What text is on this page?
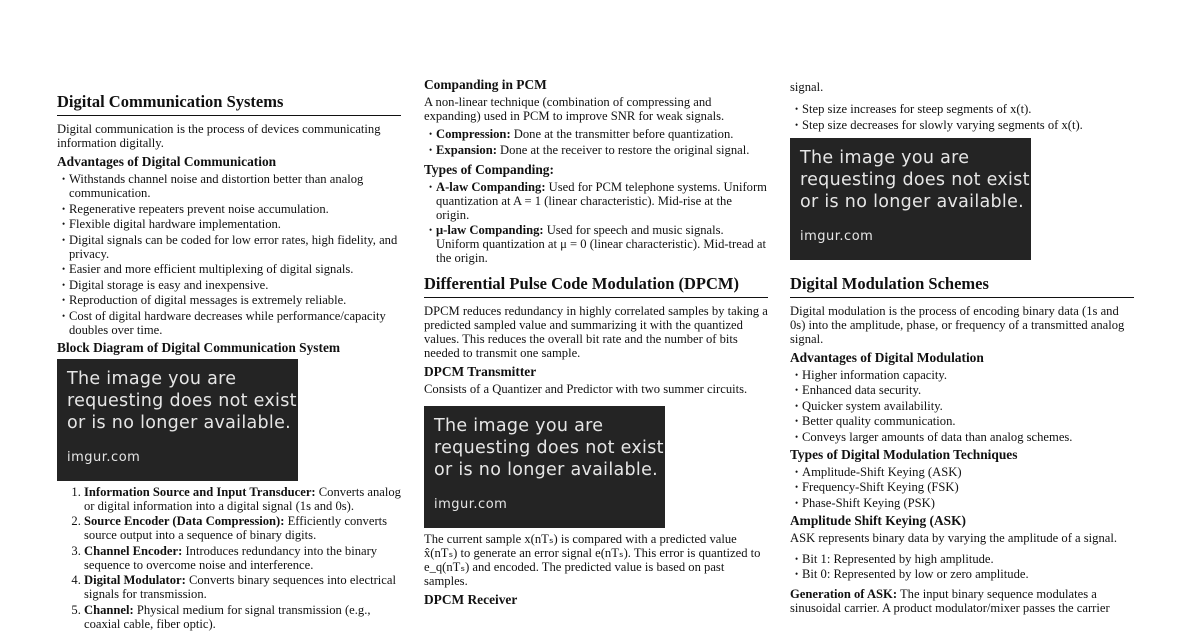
Digital Communication Systems

Digital communication is the process of devices communicating information digitally.

Advantages of Digital Communication
• Withstands channel noise and distortion better than analog communication.
• Regenerative repeaters prevent noise accumulation.
• Flexible digital hardware implementation.
• Digital signals can be coded for low error rates, high fidelity, and privacy.
• Easier and more efficient multiplexing of digital signals.
• Digital storage is easy and inexpensive.
• Reproduction of digital messages is extremely reliable.
• Cost of digital hardware decreases while performance/capacity doubles over time.
Block Diagram of Digital Communication System
The image you are
requesting does not exist
or is no longer available.
imgur.com
1. Information Source and Input Transducer: Converts analog or digital information into a digital signal (1s and 0s).
2. Source Encoder (Data Compression): Efficiently converts source output into a sequence of binary digits.
3. Channel Encoder: Introduces redundancy into the binary sequence to overcome noise and interference.
4. Digital Modulator: Converts binary sequences into electrical signals for transmission.
5. Channel: Physical medium for signal transmission (e.g., coaxial cable, fiber optic).
Companding in PCM

A non-linear technique (combination of compressing and expanding) used in PCM to improve SNR for weak signals.

• Compression: Done at the transmitter before quantization.
• Expansion: Done at the receiver to restore the original signal.
Types of Companding:
• A-law Companding: Used for PCM telephone systems. Uniform quantization at A = 1 (linear characteristic). Mid-rise at the origin.
• μ-law Companding: Used for speech and music signals. Uniform quantization at μ = 0 (linear characteristic). Mid-tread at the origin.
Differential Pulse Code Modulation (DPCM)

DPCM reduces redundancy in highly correlated samples by taking a predicted sampled value and summarizing it with the quantized values. This reduces the overall bit rate and the number of bits needed to transmit one sample.

DPCM Transmitter

Consists of a Quantizer and Predictor with two summer circuits.

The image you are
requesting does not exist
or is no longer available.
imgur.com

The current sample x(nTₛ) is compared with a predicted value x̂(nTₛ) to generate an error signal e(nTₛ). This error is quantized to e_q(nTₛ) and encoded. The predicted value is based on past samples.

DPCM Receiver

signal.

• Step size increases for steep segments of x(t).
• Step size decreases for slowly varying segments of x(t).
The image you are
requesting does not exist
or is no longer available.
imgur.com
Digital Modulation Schemes

Digital modulation is the process of encoding binary data (1s and 0s) into the amplitude, phase, or frequency of a transmitted analog signal.

Advantages of Digital Modulation
• Higher information capacity.
• Enhanced data security.
• Quicker system availability.
• Better quality communication.
• Conveys larger amounts of data than analog schemes.
Types of Digital Modulation Techniques
• Amplitude-Shift Keying (ASK)
• Frequency-Shift Keying (FSK)
• Phase-Shift Keying (PSK)
Amplitude Shift Keying (ASK)

ASK represents binary data by varying the amplitude of a signal.

• Bit 1: Represented by high amplitude.
• Bit 0: Represented by low or zero amplitude.

Generation of ASK: The input binary sequence modulates a sinusoidal carrier. A product modulator/mixer passes the carrier
